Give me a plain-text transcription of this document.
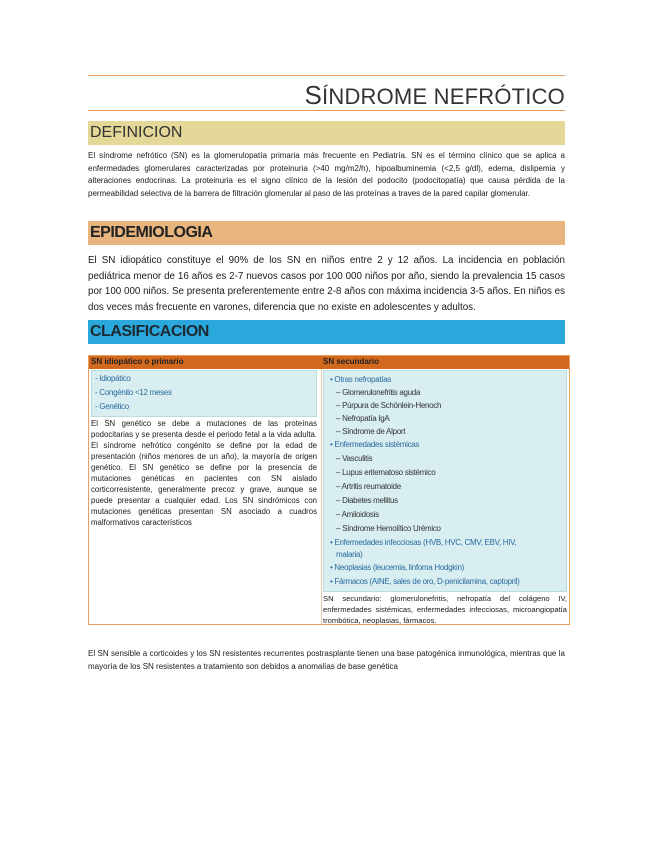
SÍNDROME NEFRÓTICO
DEFINICION
El síndrome nefrótico (SN) es la glomerulopatía primaria más frecuente en Pediatría. SN es el término clínico que se aplica a enfermedades glomerulares caracterizadas por proteinuria (>40 mg/m2/h), hipoalbuminemia (<2,5 g/dl), edema, dislipemia y alteraciones endocrinas. La proteinuria es el signo clínico de la lesión del podocito (podocitopatía) que causa pérdida de la permeabilidad selectiva de la barrera de filtración glomerular al paso de las proteínas a traves de la pared capilar glomerular.
EPIDEMIOLOGIA
El SN idiopático constituye el 90% de los SN en niños entre 2 y 12 años. La incidencia en población pediátrica menor de 16 años es 2-7 nuevos casos por 100 000 niños por año, siendo la prevalencia 15 casos por 100 000 niños. Se presenta preferentemente entre 2-8 años con máxima incidencia 3-5 años. En niños es dos veces más frecuente en varones, diferencia que no existe en adolescentes y adultos.
CLASIFICACION
SN idiopático o primario	SN secundario
- Idiopático
- Congénito <12 meses
- Genético
El SN genético se debe a mutaciones de las proteínas podocitarias y se presenta desde el periodo fetal a la vida adulta. El síndrome nefrótico congénito se define por la edad de presentación (niños menores de un año), la mayoría de origen genético. El SN genético se define por la presencia de mutaciones genéticas en pacientes con SN aislado corticorresistente, generalmente precoz y grave, aunque se puede presentar a cualquier edad. Los SN sindrómicos con mutaciones genéticas presentan SN asociado a cuadros malformativos característicos
• Otras nefropatías
– Glomerulonefritis aguda
– Púrpura de Schönlein-Henoch
– Nefropatía IgA
– Síndrome de Alport
• Enfermedades sistémicas
– Vasculitis
– Lupus eritematoso sistémico
– Artritis reumatoide
– Diabetes mellitus
– Amiloidosis
– Síndrome Hemolítico Urémico
• Enfermedades infecciosas (HVB, HVC, CMV, EBV, HIV,
malaria)
• Neoplasias (leucemia, linfoma Hodgkin)
• Fármacos (AINE, sales de oro, D-penicilamina, captopril)
SN secundario: glomerulonefritis, nefropatía del colágeno IV, enfermedades sistémicas, enfermedades infecciosas, microangiopatía trombótica, neoplasias, fármacos.
El SN sensible a corticoides y los SN resistentes recurrentes postrasplante tienen una base patogénica inmunológica, mientras que la mayoría de los SN resistentes a tratamiento son debidos a anomalías de base genética
